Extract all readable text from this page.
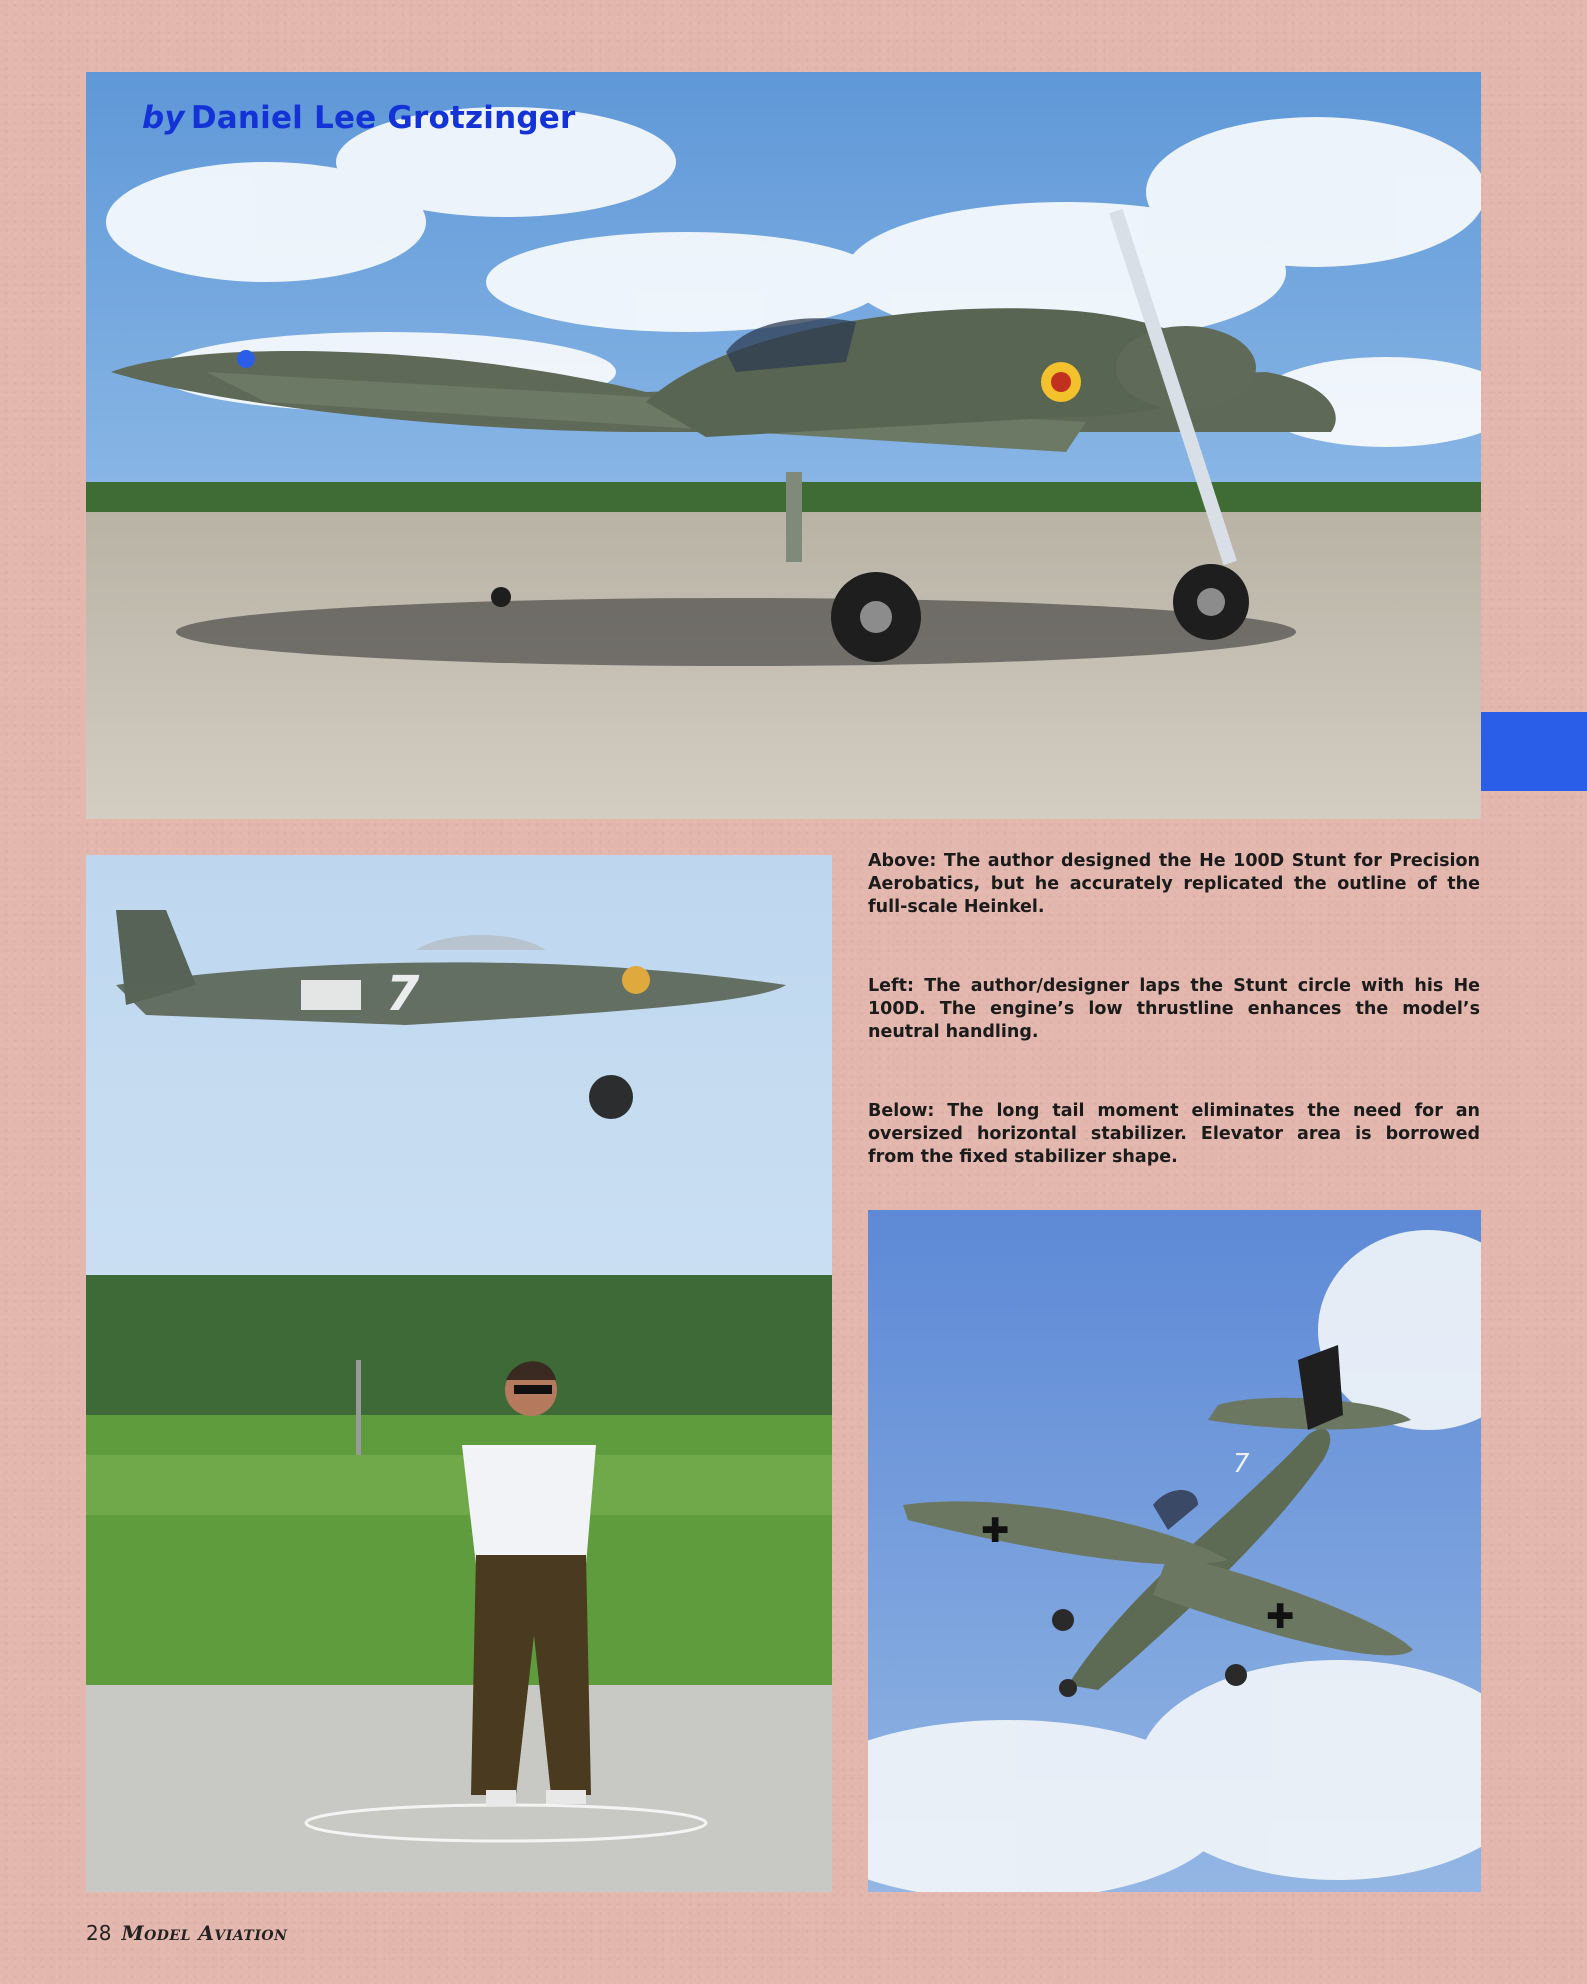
by Daniel Lee Grotzinger
7

Above: The author designed the He 100D Stunt for Precision Aerobatics, but he accurately replicated the outline of the full-scale Heinkel.

Left: The author/designer laps the Stunt circle with his He 100D. The engine’s low thrustline enhances the model’s neutral handling.

Below: The long tail moment eliminates the need for an oversized horizontal stabilizer. Elevator area is borrowed from the fixed stabilizer shape.

✚
✚
7
28 Model Aviation
